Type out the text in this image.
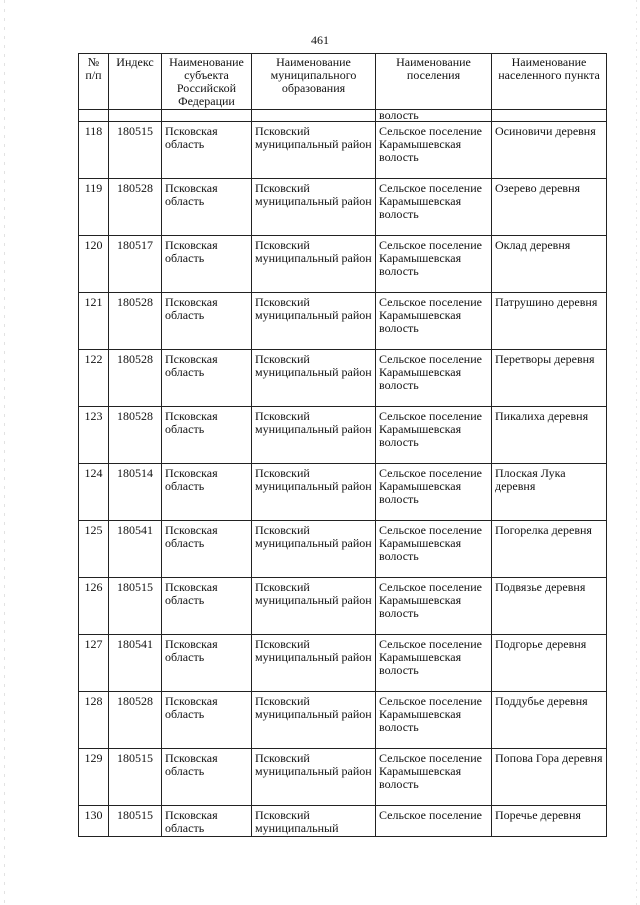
461
№ п/п	Индекс	Наименование субъекта Российской Федерации	Наименование муниципального образования	Наименование поселения	Наименование населенного пункта
				волость	
118	180515	Псковская область	Псковский муниципальный район	Сельское поселение Карамышевская волость	Осиновичи деревня
119	180528	Псковская область	Псковский муниципальный район	Сельское поселение Карамышевская волость	Озерево деревня
120	180517	Псковская область	Псковский муниципальный район	Сельское поселение Карамышевская волость	Оклад деревня
121	180528	Псковская область	Псковский муниципальный район	Сельское поселение Карамышевская волость	Патрушино деревня
122	180528	Псковская область	Псковский муниципальный район	Сельское поселение Карамышевская волость	Перетворы деревня
123	180528	Псковская область	Псковский муниципальный район	Сельское поселение Карамышевская волость	Пикалиха деревня
124	180514	Псковская область	Псковский муниципальный район	Сельское поселение Карамышевская волость	Плоская Лука деревня
125	180541	Псковская область	Псковский муниципальный район	Сельское поселение Карамышевская волость	Погорелка деревня
126	180515	Псковская область	Псковский муниципальный район	Сельское поселение Карамышевская волость	Подвязье деревня
127	180541	Псковская область	Псковский муниципальный район	Сельское поселение Карамышевская волость	Подгорье деревня
128	180528	Псковская область	Псковский муниципальный район	Сельское поселение Карамышевская волость	Поддубье деревня
129	180515	Псковская область	Псковский муниципальный район	Сельское поселение Карамышевская волость	Попова Гора деревня
130	180515	Псковская область	Псковский муниципальный	Сельское поселение	Поречье деревня
